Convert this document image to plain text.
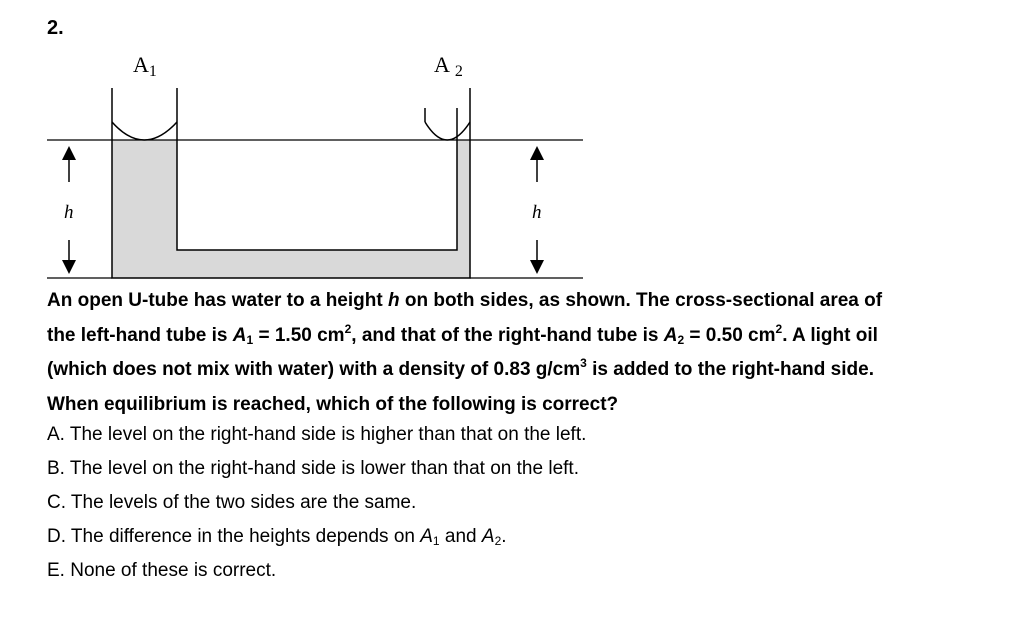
2.
A1	A 2
h	h

An open U-tube has water to a height h on both sides, as shown. The cross-sectional area of

the left-hand tube is $A_1 = 1.50$ $cm^2$, and that of the right-hand tube is $A_2 = 0.50$ $cm^2$. A light oil

(which does not mix with water) with a density of 0.83 $g/cm^3$ is added to the right-hand side.

When equilibrium is reached, which of the following is correct?

A. The level on the right-hand side is higher than that on the left.
B. The level on the right-hand side is lower than that on the left.
C. The levels of the two sides are the same.
D. The difference in the heights depends on $A_1$ and $A_2$.
E. None of these is correct.
